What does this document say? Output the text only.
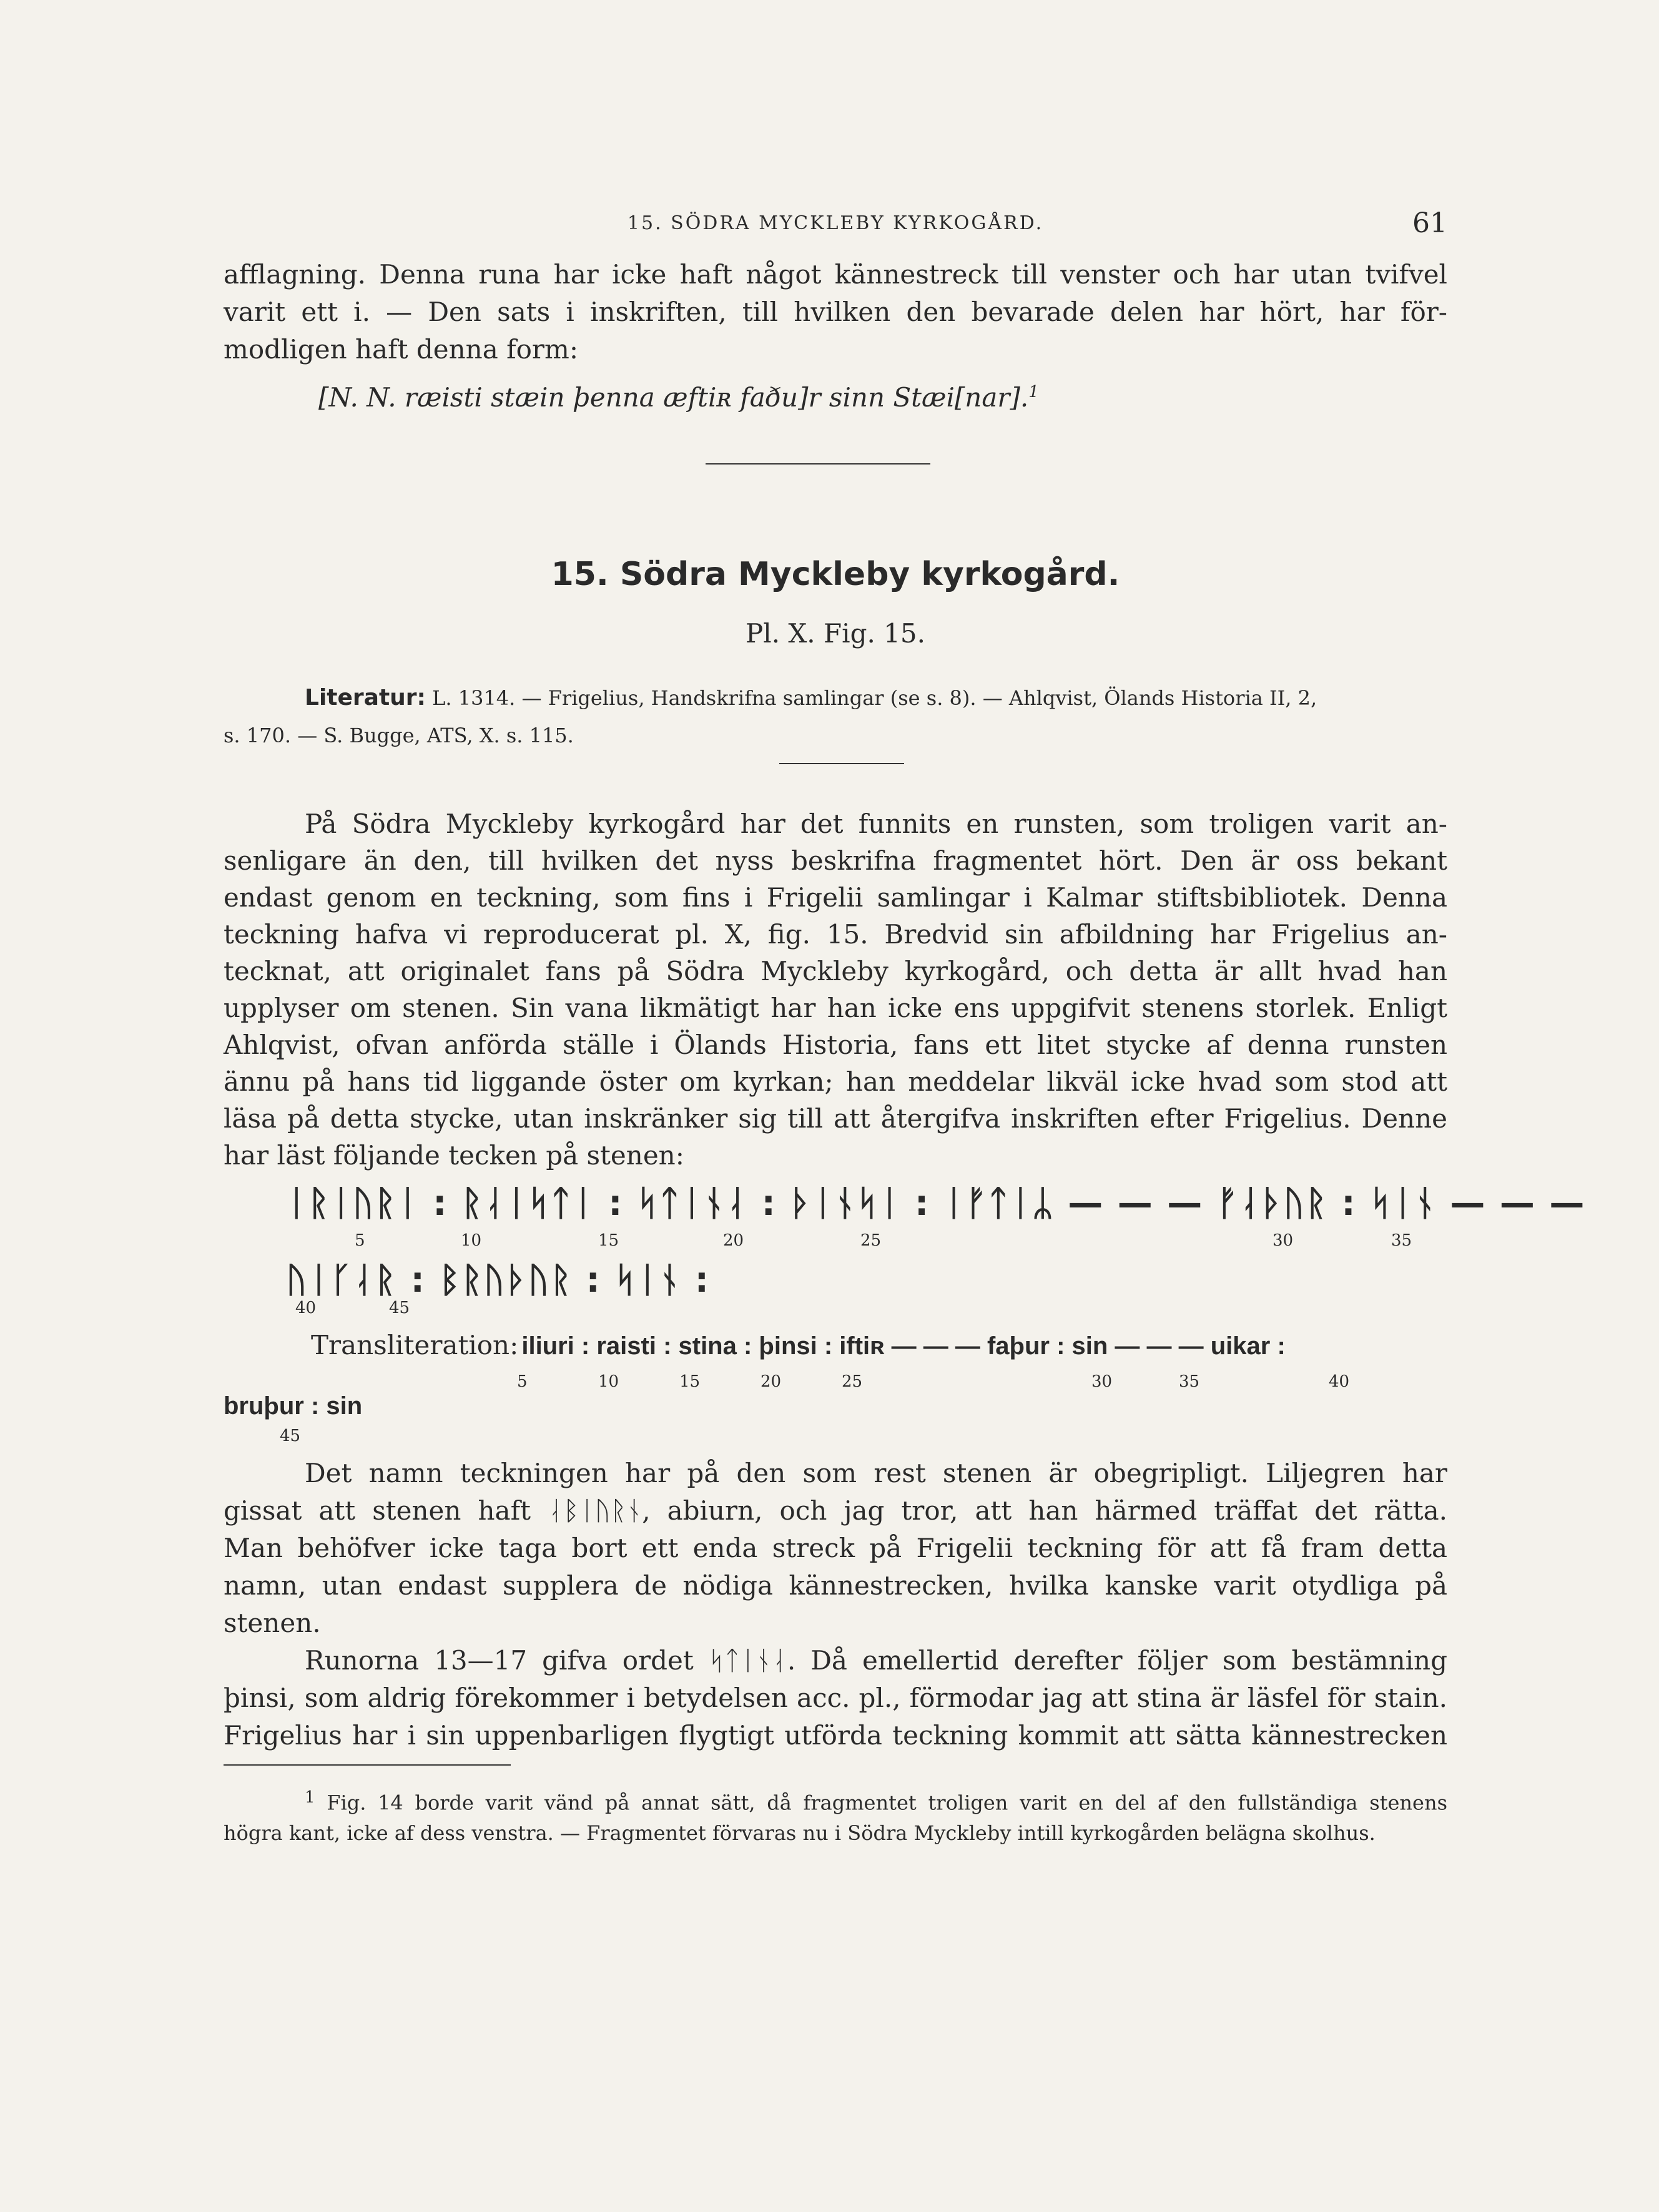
15. SÖDRA MYCKLEBY KYRKOGÅRD.	61
afflagning. Denna runa har icke haft något kännestreck till venster och har utan tvifvel
varit ett i. — Den sats i inskriften, till hvilken den bevarade delen har hört, har för-
modligen haft denna form:
[N. N. ræisti stæin þenna æftiʀ faðu]r sinn Stæi[nar].$^1$
15. Södra Myckleby kyrkogård.
Pl. X. Fig. 15.
Literatur: L. 1314. — Frigelius, Handskrifna samlingar (se s. 8). — Ahlqvist, Ölands Historia II, 2,
s. 170. — S. Bugge, ATS, X. s. 115.
På Södra Myckleby kyrkogård har det funnits en runsten, som troligen varit an-
senligare än den, till hvilken det nyss beskrifna fragmentet hört. Den är oss bekant
endast genom en teckning, som fins i Frigelii samlingar i Kalmar stiftsbibliotek. Denna
teckning hafva vi reproducerat pl. X, fig. 15. Bredvid sin afbildning har Frigelius an-
tecknat, att originalet fans på Södra Myckleby kyrkogård, och detta är allt hvad han
upplyser om stenen. Sin vana likmätigt har han icke ens uppgifvit stenens storlek. Enligt
Ahlqvist, ofvan anförda ställe i Ölands Historia, fans ett litet stycke af denna runsten
ännu på hans tid liggande öster om kyrkan; han meddelar likväl icke hvad som stod att
läsa på detta stycke, utan inskränker sig till att återgifva inskriften efter Frigelius. Denne
har läst följande tecken på stenen:
ᛁᚱᛁᚢᚱᛁ : ᚱᛆᛁᛋᛏᛁ : ᛋᛏᛁᚾᛆ : ᚦᛁᚾᛋᛁ : ᛁᚠᛏᛁᛦ — — — ᚠᛆᚦᚢᚱ : ᛋᛁᚾ — — —
5	10	15	20	25	30	35
ᚢᛁᚴᛆᚱ : ᛒᚱᚢᚦᚢᚱ : ᛋᛁᚾ :
40	45
Transliteration: iliuri : raisti : stina : þinsi : iftiʀ — — — faþur : sin — — — uikar :
5	10	15	20	25	30	35	40
bruþur : sin
45
Det namn teckningen har på den som rest stenen är obegripligt. Liljegren har
gissat att stenen haft ᛆᛒᛁᚢᚱᚾ, abiurn, och jag tror, att han härmed träffat det rätta.
Man behöfver icke taga bort ett enda streck på Frigelii teckning för att få fram detta
namn, utan endast supplera de nödiga kännestrecken, hvilka kanske varit otydliga på
stenen.
Runorna 13—17 gifva ordet ᛋᛏᛁᚾᛆ. Då emellertid derefter följer som bestämning
þinsi, som aldrig förekommer i betydelsen acc. pl., förmodar jag att stina är läsfel för stain.
Frigelius har i sin uppenbarligen flygtigt utförda teckning kommit att sätta kännestrecken
$^1$ Fig. 14 borde varit vänd på annat sätt, då fragmentet troligen varit en del af den fullständiga stenens
högra kant, icke af dess venstra. — Fragmentet förvaras nu i Södra Myckleby intill kyrkogården belägna skolhus.
